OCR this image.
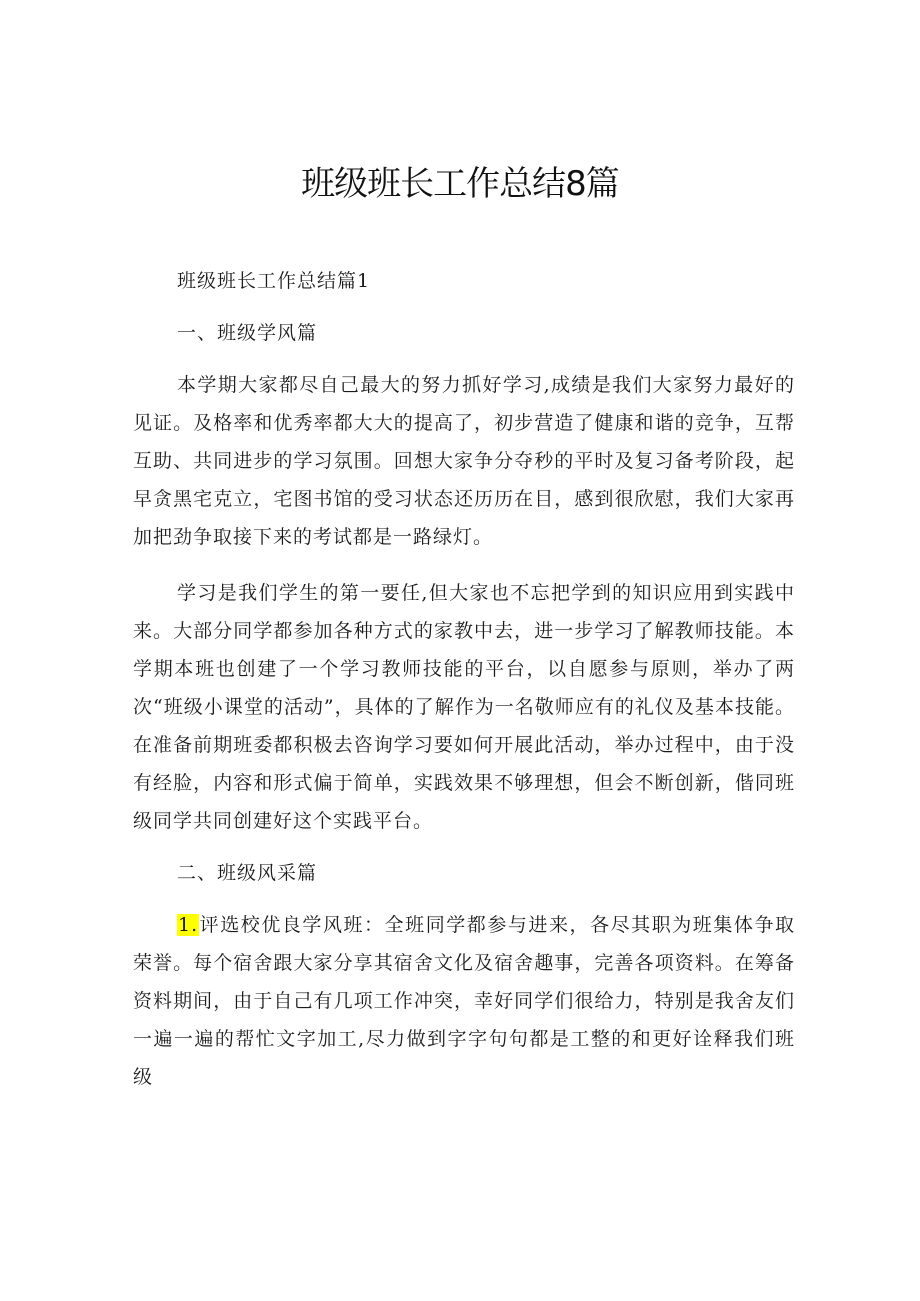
班级班长工作总结8篇

班级班长工作总结篇1

一、班级学风篇

本学期大家都尽自己最大的努力抓好学习,成绩是我们大家努力最好的见证。及格率和优秀率都大大的提高了，初步营造了健康和谐的竞争，互帮互助、共同进步的学习氛围。回想大家争分夺秒的平时及复习备考阶段，起早贪黑宅克立，宅图书馆的受习状态还历历在目，感到很欣慰，我们大家再加把劲争取接下来的考试都是一路绿灯。

学习是我们学生的第一要任,但大家也不忘把学到的知识应用到实践中来。大部分同学都参加各种方式的家教中去，进一步学习了解教师技能。本学期本班也创建了一个学习教师技能的平台，以自愿参与原则，举办了两次“班级小课堂的活动”，具体的了解作为一名敬师应有的礼仪及基本技能。在准备前期班委都积极去咨询学习要如何开展此活动，举办过程中，由于没有经脸，内容和形式偏于简单，实践效果不够理想，但会不断创新，偕同班级同学共同创建好这个实践平台。

二、班级风采篇

1.评选校优良学风班：全班同学都参与进来，各尽其职为班集体争取荣誉。每个宿舍跟大家分享其宿舍文化及宿舍趣事，完善各项资料。在筹备资料期间，由于自己有几项工作冲突，幸好同学们很给力，特别是我舍友们一遍一遍的帮忙文字加工,尽力做到字字句句都是工整的和更好诠释我们班级
